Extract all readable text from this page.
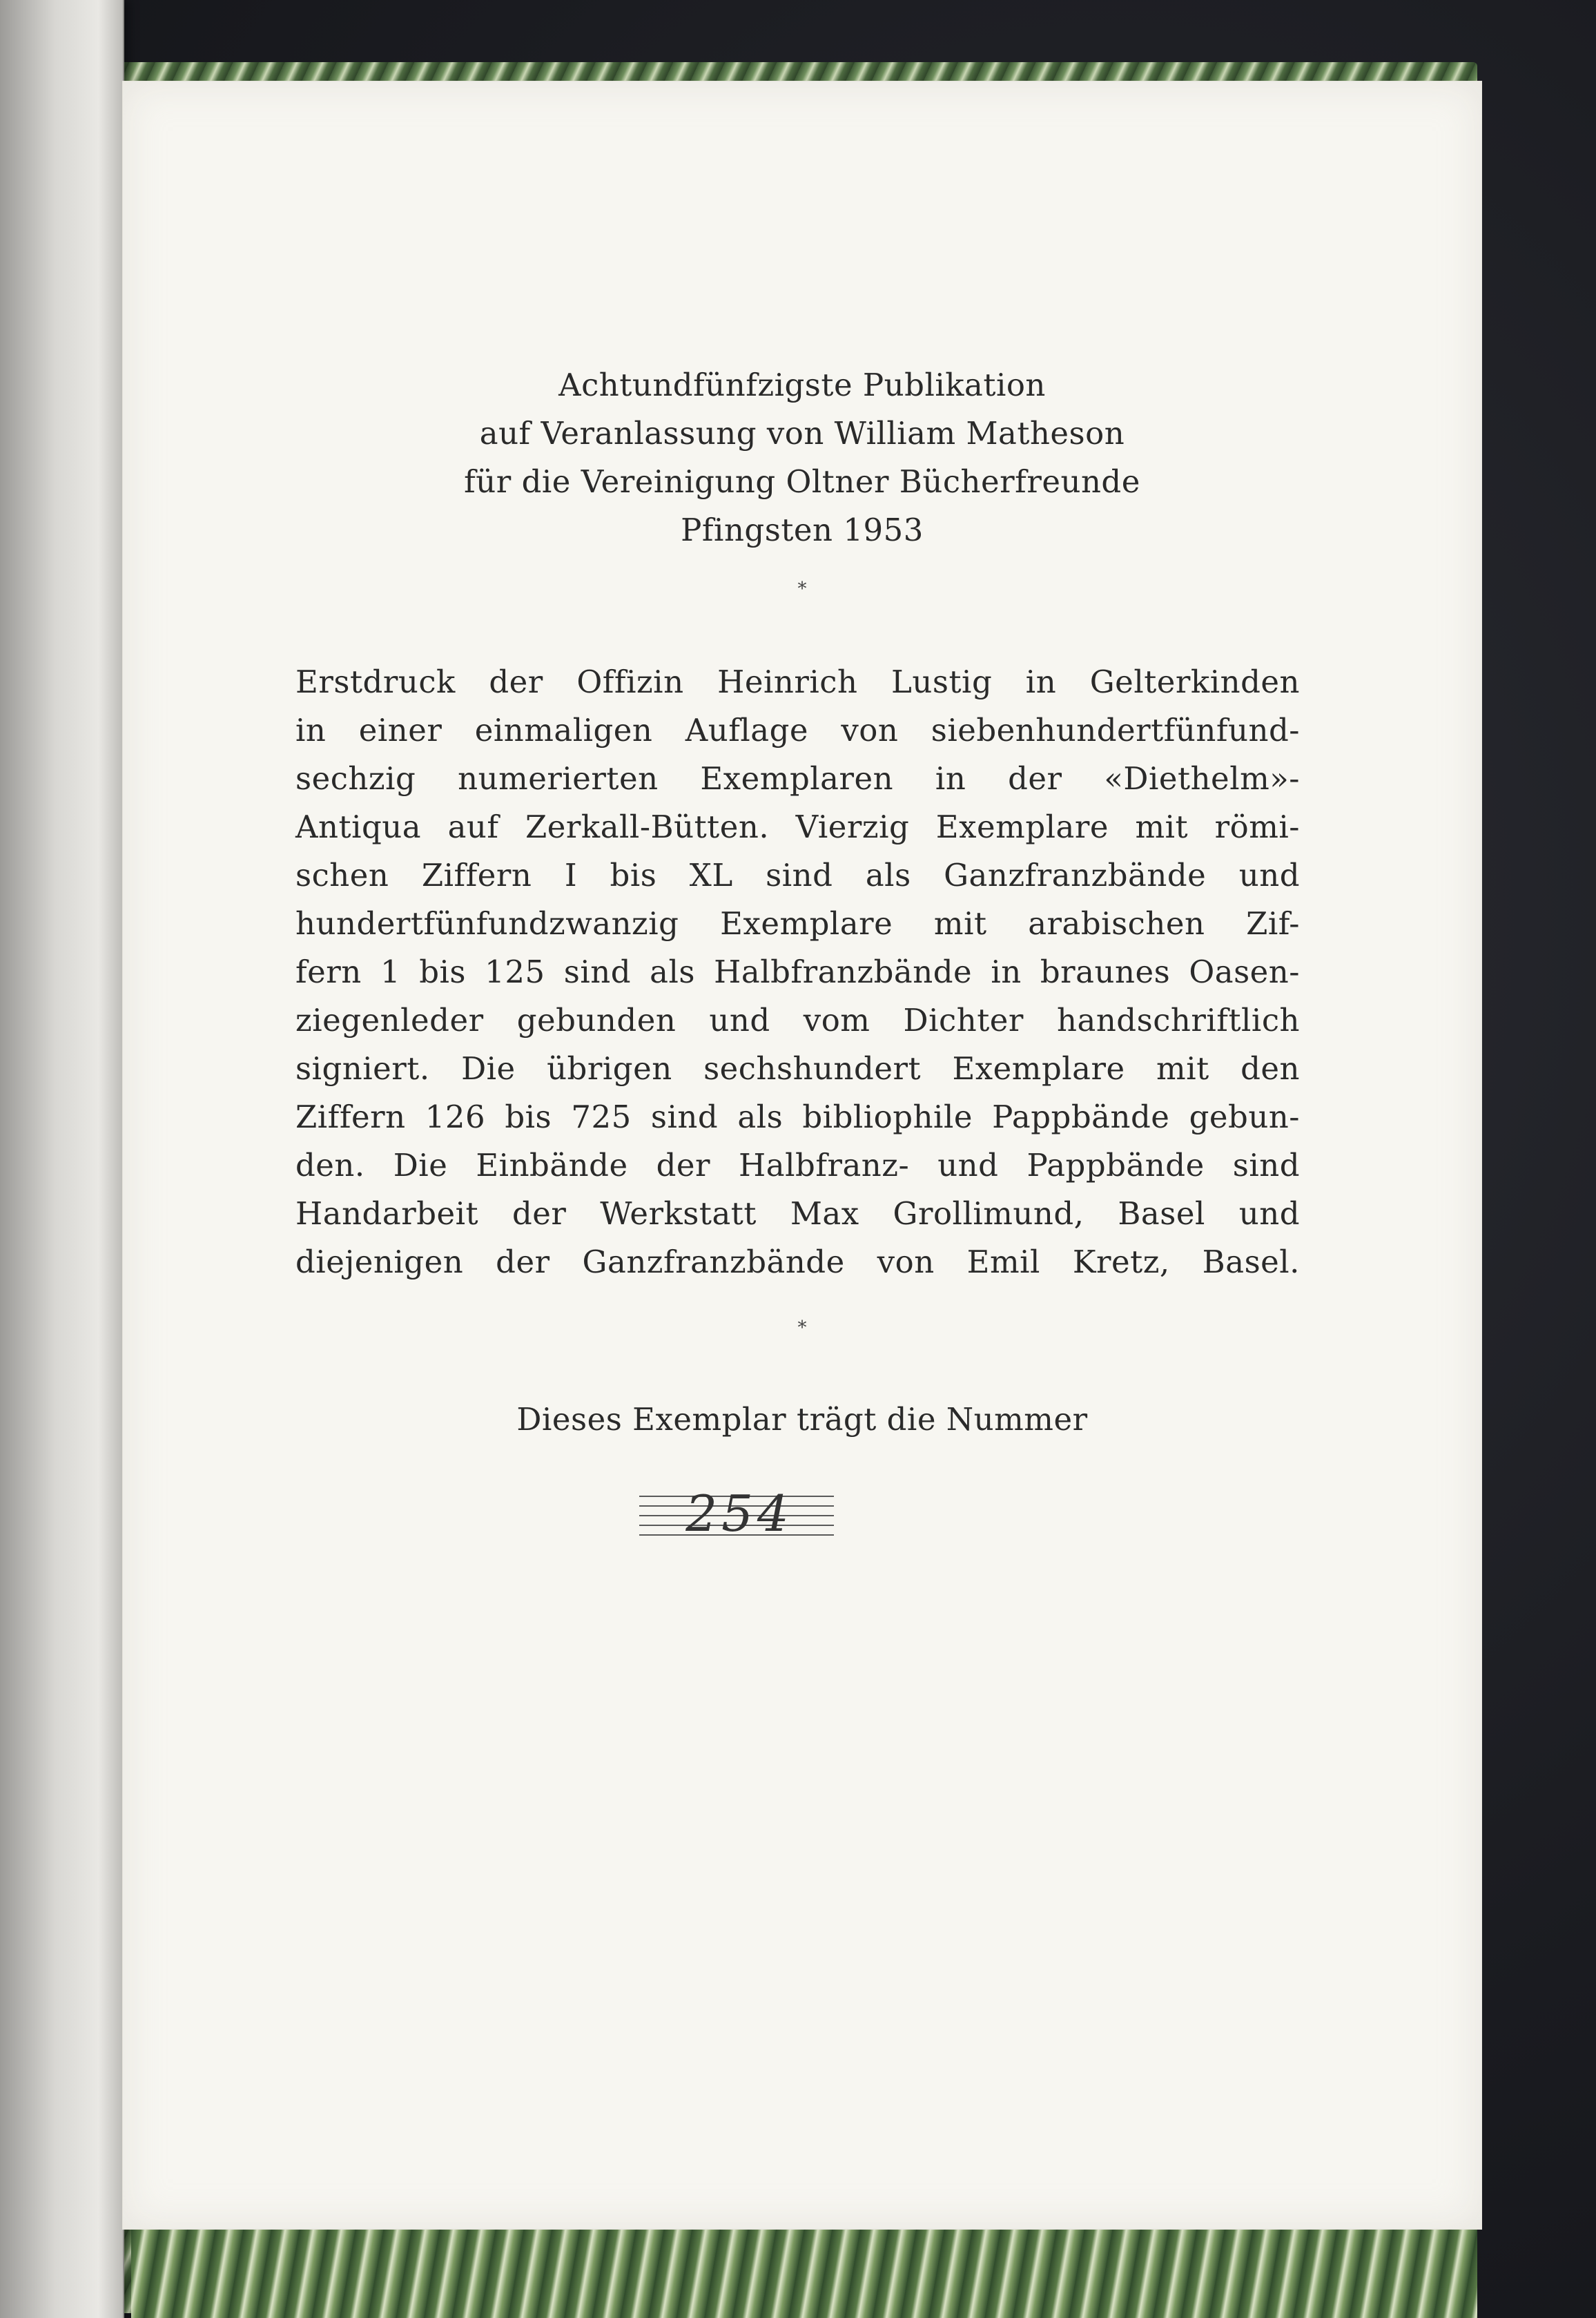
Achtundfünfzigste Publikation
auf Veranlassung von William Matheson
für die Vereinigung Oltner Bücherfreunde
Pfingsten 1953
*
Erstdruck der Offizin Heinrich Lustig in Gelterkinden
in einer einmaligen Auflage von siebenhundertfünfund-
sechzig numerierten Exemplaren in der «Diethelm»-
Antiqua auf Zerkall-Bütten. Vierzig Exemplare mit römi-
schen Ziffern I bis XL sind als Ganzfranzbände und
hundertfünfundzwanzig Exemplare mit arabischen Zif-
fern 1 bis 125 sind als Halbfranzbände in braunes Oasen-
ziegenleder gebunden und vom Dichter handschriftlich
signiert. Die übrigen sechshundert Exemplare mit den
Ziffern 126 bis 725 sind als bibliophile Pappbände gebun-
den. Die Einbände der Halbfranz- und Pappbände sind
Handarbeit der Werkstatt Max Grollimund, Basel und
diejenigen der Ganzfranzbände von Emil Kretz, Basel.
*
Dieses Exemplar trägt die Nummer
254
